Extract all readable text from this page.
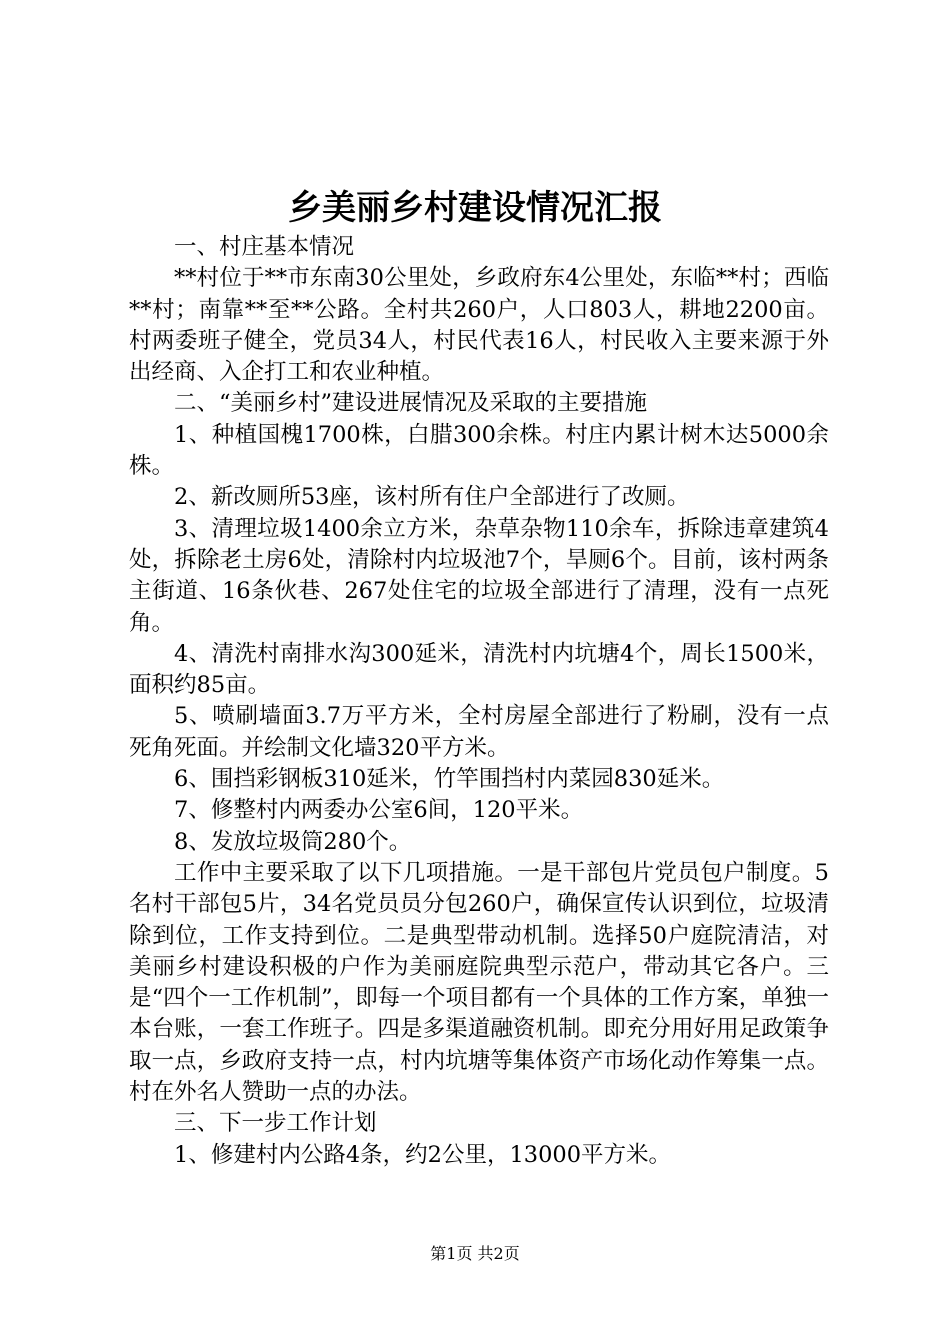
乡美丽乡村建设情况汇报

一、村庄基本情况

**村位于**市东南30公里处，乡政府东4公里处，东临**村；西临**村；南靠**至**公路。全村共260户，人口803人，耕地2200亩。村两委班子健全，党员34人，村民代表16人，村民收入主要来源于外出经商、入企打工和农业种植。

二、“美丽乡村”建设进展情况及采取的主要措施

1、种植国槐1700株，白腊300余株。村庄内累计树木达5000余株。

2、新改厕所53座，该村所有住户全部进行了改厕。

3、清理垃圾1400余立方米，杂草杂物110余车，拆除违章建筑4处，拆除老土房6处，清除村内垃圾池7个，旱厕6个。目前，该村两条主街道、16条伙巷、267处住宅的垃圾全部进行了清理，没有一点死角。

4、清洗村南排水沟300延米，清洗村内坑塘4个，周长1500米，面积约85亩。

5、喷刷墙面3.7万平方米，全村房屋全部进行了粉刷，没有一点死角死面。并绘制文化墙320平方米。

6、围挡彩钢板310延米，竹竿围挡村内菜园830延米。

7、修整村内两委办公室6间，120平米。

8、发放垃圾筒280个。

工作中主要采取了以下几项措施。一是干部包片党员包户制度。5名村干部包5片，34名党员员分包260户，确保宣传认识到位，垃圾清除到位，工作支持到位。二是典型带动机制。选择50户庭院清洁，对美丽乡村建设积极的户作为美丽庭院典型示范户，带动其它各户。三是“四个一工作机制”，即每一个项目都有一个具体的工作方案，单独一本台账，一套工作班子。四是多渠道融资机制。即充分用好用足政策争取一点，乡政府支持一点，村内坑塘等集体资产市场化动作筹集一点。村在外名人赞助一点的办法。

三、下一步工作计划

1、修建村内公路4条，约2公里，13000平方米。

第1页 共2页
